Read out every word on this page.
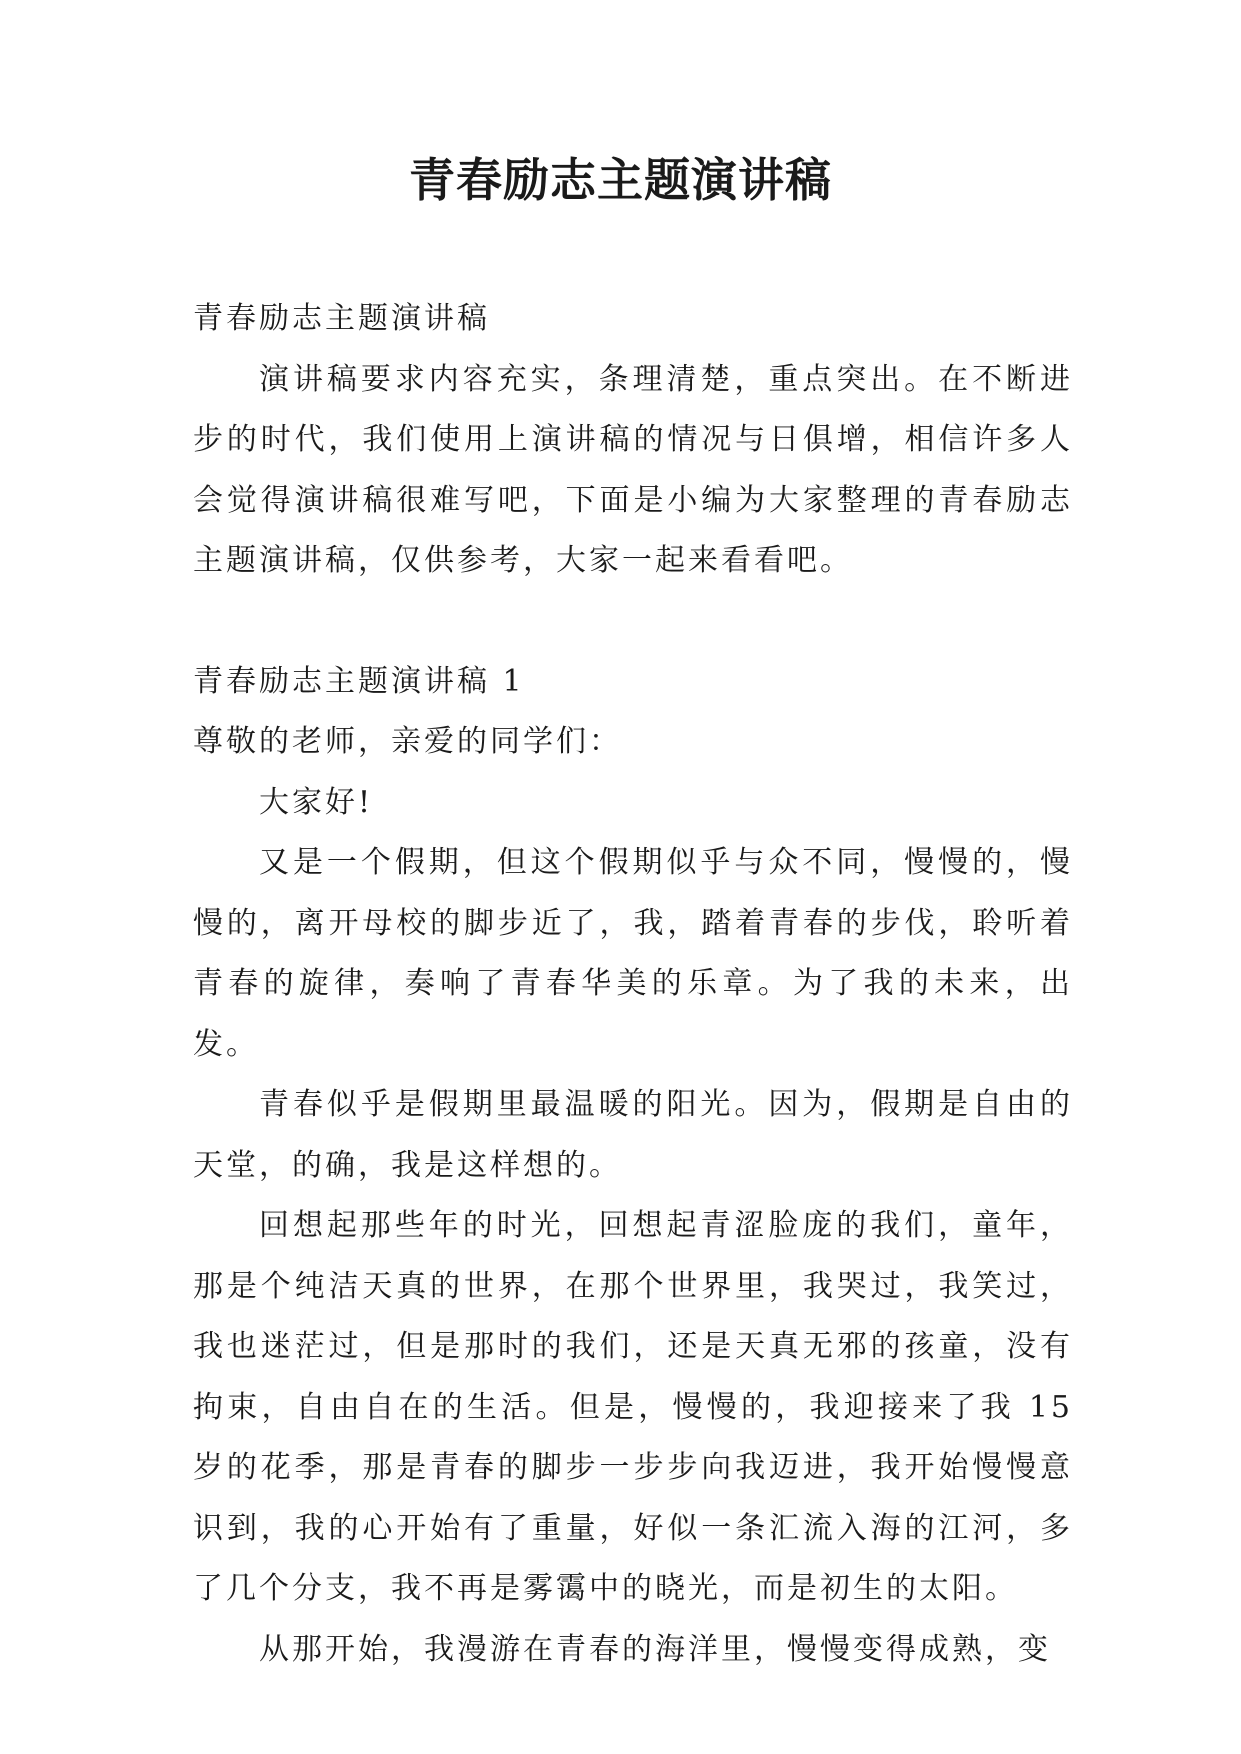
青春励志主题演讲稿

青春励志主题演讲稿

演讲稿要求内容充实，条理清楚，重点突出。在不断进步的时代，我们使用上演讲稿的情况与日俱增，相信许多人会觉得演讲稿很难写吧，下面是小编为大家整理的青春励志主题演讲稿，仅供参考，大家一起来看看吧。

青春励志主题演讲稿 1

尊敬的老师，亲爱的同学们：

大家好!

又是一个假期，但这个假期似乎与众不同，慢慢的，慢慢的，离开母校的脚步近了，我，踏着青春的步伐，聆听着青春的旋律，奏响了青春华美的乐章。为了我的未来，出发。

青春似乎是假期里最温暖的阳光。因为，假期是自由的天堂，的确，我是这样想的。

回想起那些年的时光，回想起青涩脸庞的我们，童年，那是个纯洁天真的世界，在那个世界里，我哭过，我笑过，我也迷茫过，但是那时的我们，还是天真无邪的孩童，没有拘束，自由自在的生活。但是，慢慢的，我迎接来了我 15 岁的花季，那是青春的脚步一步步向我迈进，我开始慢慢意识到，我的心开始有了重量，好似一条汇流入海的江河，多了几个分支，我不再是雾霭中的晓光，而是初生的太阳。

从那开始，我漫游在青春的海洋里，慢慢变得成熟，变
